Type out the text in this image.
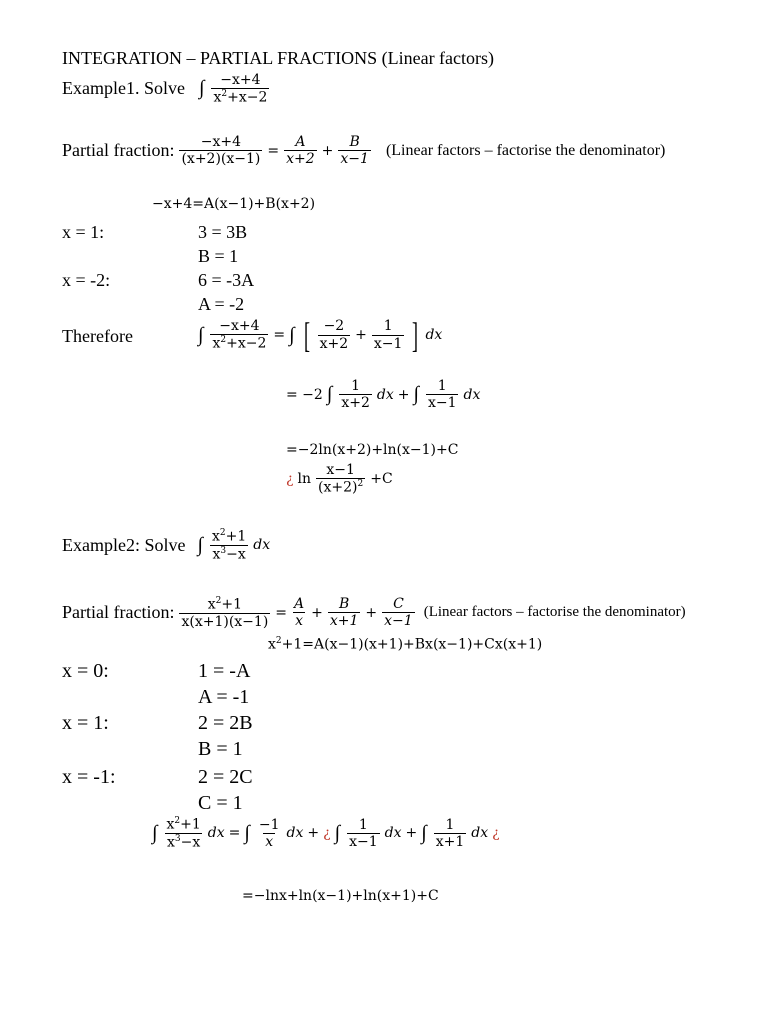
INTEGRATION – PARTIAL FRACTIONS (Linear factors)
Example1. Solve ∫ $\frac{-x+4}{x^2+x-2}$
Partial fraction: $\frac{-x+4}{(x+2)(x-1)} = \frac{A}{x+2} + \frac{B}{x-1}$ (Linear factors – factorise the denominator)
−x+4=A(x−1)+B(x+2)
x = 1:	3 = 3B
B = 1
x = -2:	6 = -3A
A = -2
Therefore	∫ $\frac{-x+4}{x^2+x-2}$ = ∫ [ $\frac{-2}{x+2} + \frac{1}{x-1}$ ] dx
= −2 ∫ $\frac{1}{x+2}$ dx + ∫ $\frac{1}{x-1}$ dx
=−2ln(x+2)+ln(x−1)+C
¿ $\ln \frac{x-1}{(x+2)^2} +C$
Example2: Solve ∫ $\frac{x^2+1}{x^3-x}$ dx
Partial fraction: $\frac{x^2+1}{x(x+1)(x-1)} = \frac{A}{x} + \frac{B}{x+1} + \frac{C}{x-1}$ (Linear factors – factorise the denominator)
$x^2+1=A(x-1)(x+1)+Bx(x-1)+Cx(x+1)$
x = 0:	1 = -A
A = -1
x = 1:	2 = 2B
B = 1
x = -1:	2 = 2C
C = 1
∫ $\frac{x^2+1}{x^3-x}$ dx = ∫ $\frac{-1}{x}$ dx + ¿ ∫ $\frac{1}{x-1}$ dx + ∫ $\frac{1}{x+1}$ dx ¿
=−lnx+ln(x−1)+ln(x+1)+C
